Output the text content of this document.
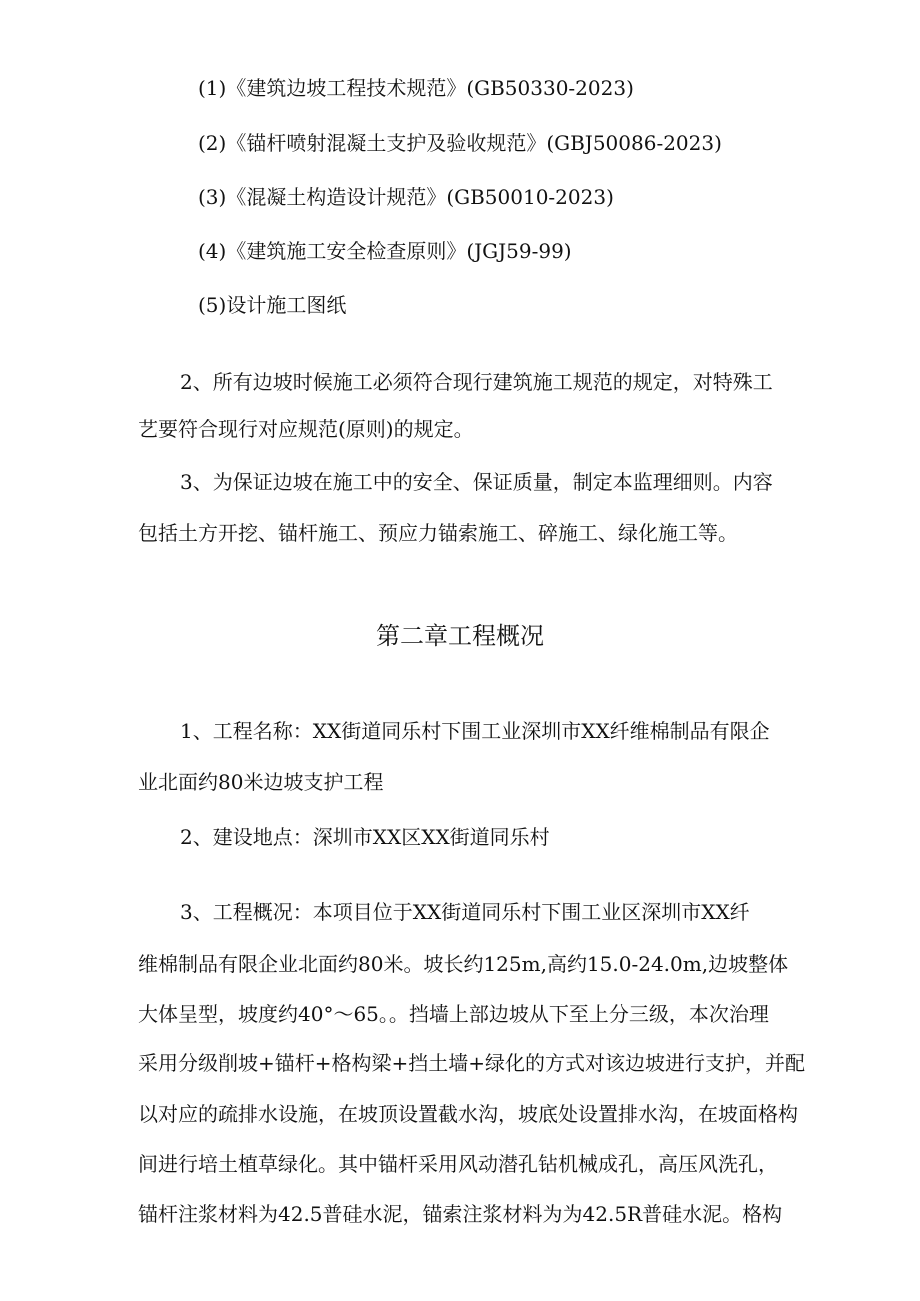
(1)《建筑边坡工程技术规范》(GB50330-2023)

(2)《锚杆喷射混凝土支护及验收规范》(GBJ50086-2023)

(3)《混凝土构造设计规范》(GB50010-2023)

(4)《建筑施工安全检查原则》(JGJ59-99)

(5)设计施工图纸

2、所有边坡时候施工必须符合现行建筑施工规范的规定，对特殊工

艺要符合现行对应规范(原则)的规定。

3、为保证边坡在施工中的安全、保证质量，制定本监理细则。内容

包括土方开挖、锚杆施工、预应力锚索施工、碎施工、绿化施工等。

第二章工程概况

1、工程名称：XX街道同乐村下围工业深圳市XX纤维棉制品有限企

业北面约80米边坡支护工程

2、建设地点：深圳市XX区XX街道同乐村

3、工程概况：本项目位于XX街道同乐村下围工业区深圳市XX纤

维棉制品有限企业北面约80米。坡长约125m,高约15.0-24.0m,边坡整体

大体呈型，坡度约40°～65。。挡墙上部边坡从下至上分三级，本次治理

采用分级削坡+锚杆+格构梁+挡土墙+绿化的方式对该边坡进行支护，并配

以对应的疏排水设施，在坡顶设置截水沟，坡底处设置排水沟，在坡面格构

间进行培土植草绿化。其中锚杆采用风动潜孔钻机械成孔，高压风洗孔，

锚杆注浆材料为42.5普硅水泥，锚索注浆材料为为42.5R普硅水泥。格构
